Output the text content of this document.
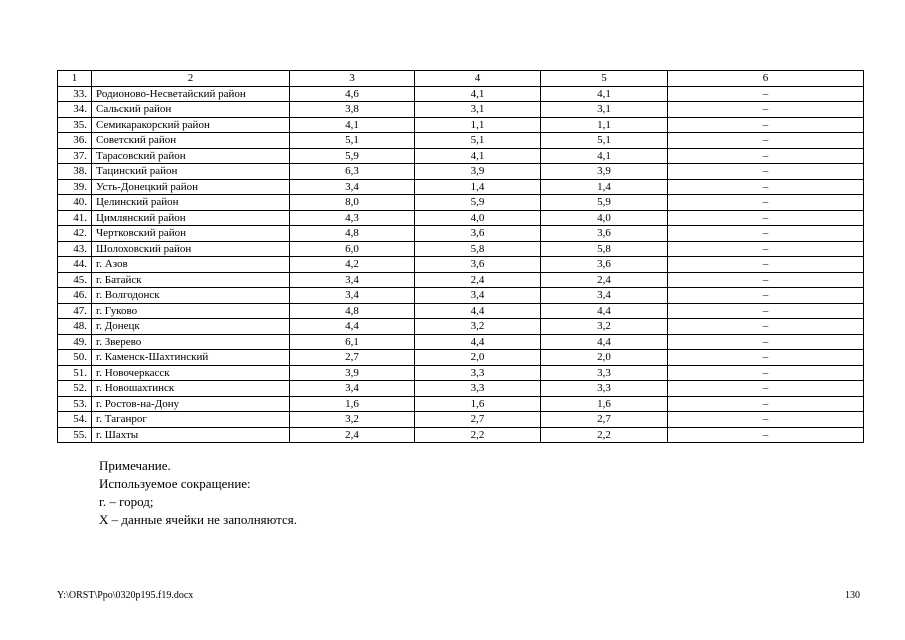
1	2	3	4	5	6
33.	Родионово-Несветайский район	4,6	4,1	4,1	–
34.	Сальский район	3,8	3,1	3,1	–
35.	Семикаракорский район	4,1	1,1	1,1	–
36.	Советский район	5,1	5,1	5,1	–
37.	Тарасовский район	5,9	4,1	4,1	–
38.	Тацинский район	6,3	3,9	3,9	–
39.	Усть-Донецкий район	3,4	1,4	1,4	–
40.	Целинский район	8,0	5,9	5,9	–
41.	Цимлянский район	4,3	4,0	4,0	–
42.	Чертковский район	4,8	3,6	3,6	–
43.	Шолоховский район	6,0	5,8	5,8	–
44.	г. Азов	4,2	3,6	3,6	–
45.	г. Батайск	3,4	2,4	2,4	–
46.	г. Волгодонск	3,4	3,4	3,4	–
47.	г. Гуково	4,8	4,4	4,4	–
48.	г. Донецк	4,4	3,2	3,2	–
49.	г. Зверево	6,1	4,4	4,4	–
50.	г. Каменск-Шахтинский	2,7	2,0	2,0	–
51.	г. Новочеркасск	3,9	3,3	3,3	–
52.	г. Новошахтинск	3,4	3,3	3,3	–
53.	г. Ростов-на-Дону	1,6	1,6	1,6	–
54.	г. Таганрог	3,2	2,7	2,7	–
55.	г. Шахты	2,4	2,2	2,2	–
Примечание.
Используемое сокращение:
г. – город;
Х – данные ячейки не заполняются.
Y:\ORST\Ppo\0320p195.f19.docx	130
